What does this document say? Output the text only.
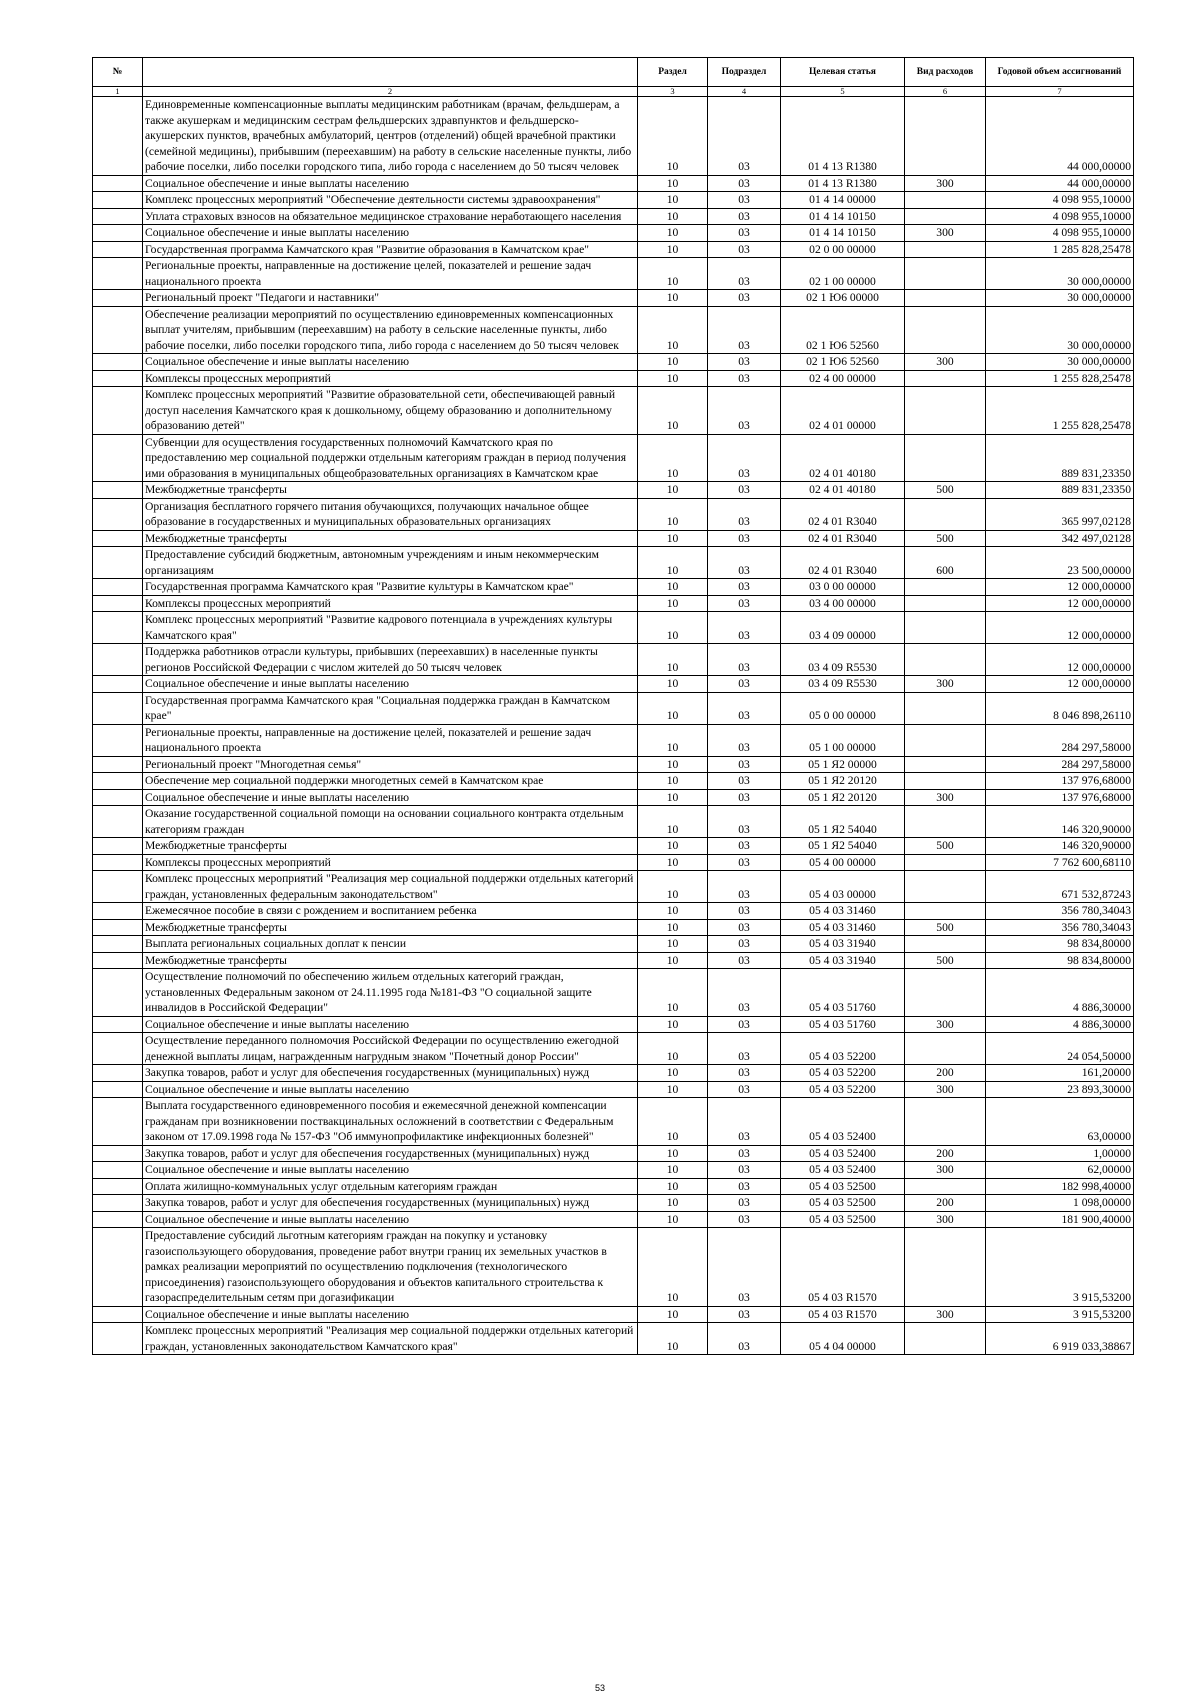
№		Раздел	Подраздел	Целевая статья	Вид расходов	Годовой объем ассигнований
1	2	3	4	5	6	7
	Единовременные компенсационные выплаты медицинским работникам (врачам, фельдшерам, а также акушеркам и медицинским сестрам фельдшерских здравпунктов и фельдшерско-акушерских пунктов, врачебных амбулаторий, центров (отделений) общей врачебной практики (семейной медицины), прибывшим (переехавшим) на работу в сельские населенные пункты, либо рабочие поселки, либо поселки городского типа, либо города с населением до 50 тысяч человек	10	03	01 4 13 R1380		44 000,00000
	Социальное обеспечение и иные выплаты населению	10	03	01 4 13 R1380	300	44 000,00000
	Комплекс процессных мероприятий "Обеспечение деятельности системы здравоохранения"	10	03	01 4 14 00000		4 098 955,10000
	Уплата страховых взносов на обязательное медицинское страхование неработающего населения	10	03	01 4 14 10150		4 098 955,10000
	Социальное обеспечение и иные выплаты населению	10	03	01 4 14 10150	300	4 098 955,10000
	Государственная программа Камчатского края "Развитие образования в Камчатском крае"	10	03	02 0 00 00000		1 285 828,25478
	Региональные проекты, направленные на достижение целей, показателей и решение задач национального проекта	10	03	02 1 00 00000		30 000,00000
	Региональный проект "Педагоги и наставники"	10	03	02 1 Ю6 00000		30 000,00000
	Обеспечение реализации мероприятий по осуществлению единовременных компенсационных выплат учителям, прибывшим (переехавшим) на работу в сельские населенные пункты, либо рабочие поселки, либо поселки городского типа, либо города с населением до 50 тысяч человек	10	03	02 1 Ю6 52560		30 000,00000
	Социальное обеспечение и иные выплаты населению	10	03	02 1 Ю6 52560	300	30 000,00000
	Комплексы процессных мероприятий	10	03	02 4 00 00000		1 255 828,25478
	Комплекс процессных мероприятий "Развитие образовательной сети, обеспечивающей равный доступ населения Камчатского края к дошкольному, общему образованию и дополнительному образованию детей"	10	03	02 4 01 00000		1 255 828,25478
	Субвенции для осуществления государственных полномочий Камчатского края по предоставлению мер социальной поддержки отдельным категориям граждан в период получения ими образования в муниципальных общеобразовательных организациях в Камчатском крае	10	03	02 4 01 40180		889 831,23350
	Межбюджетные трансферты	10	03	02 4 01 40180	500	889 831,23350
	Организация бесплатного горячего питания обучающихся, получающих начальное общее образование в государственных и муниципальных образовательных организациях	10	03	02 4 01 R3040		365 997,02128
	Межбюджетные трансферты	10	03	02 4 01 R3040	500	342 497,02128
	Предоставление субсидий бюджетным, автономным учреждениям и иным некоммерческим организациям	10	03	02 4 01 R3040	600	23 500,00000
	Государственная программа Камчатского края "Развитие культуры в Камчатском крае"	10	03	03 0 00 00000		12 000,00000
	Комплексы процессных мероприятий	10	03	03 4 00 00000		12 000,00000
	Комплекс процессных мероприятий "Развитие кадрового потенциала в учреждениях культуры Камчатского края"	10	03	03 4 09 00000		12 000,00000
	Поддержка работников отрасли культуры, прибывших (переехавших) в населенные пункты регионов Российской Федерации с числом жителей до 50 тысяч человек	10	03	03 4 09 R5530		12 000,00000
	Социальное обеспечение и иные выплаты населению	10	03	03 4 09 R5530	300	12 000,00000
	Государственная программа Камчатского края "Социальная поддержка граждан в Камчатском крае"	10	03	05 0 00 00000		8 046 898,26110
	Региональные проекты, направленные на достижение целей, показателей и решение задач национального проекта	10	03	05 1 00 00000		284 297,58000
	Региональный проект "Многодетная семья"	10	03	05 1 Я2 00000		284 297,58000
	Обеспечение мер социальной поддержки многодетных семей в Камчатском крае	10	03	05 1 Я2 20120		137 976,68000
	Социальное обеспечение и иные выплаты населению	10	03	05 1 Я2 20120	300	137 976,68000
	Оказание государственной социальной помощи на основании социального контракта отдельным категориям граждан	10	03	05 1 Я2 54040		146 320,90000
	Межбюджетные трансферты	10	03	05 1 Я2 54040	500	146 320,90000
	Комплексы процессных мероприятий	10	03	05 4 00 00000		7 762 600,68110
	Комплекс процессных мероприятий "Реализация мер социальной поддержки отдельных категорий граждан, установленных федеральным законодательством"	10	03	05 4 03 00000		671 532,87243
	Ежемесячное пособие в связи с рождением и воспитанием ребенка	10	03	05 4 03 31460		356 780,34043
	Межбюджетные трансферты	10	03	05 4 03 31460	500	356 780,34043
	Выплата региональных социальных доплат к пенсии	10	03	05 4 03 31940		98 834,80000
	Межбюджетные трансферты	10	03	05 4 03 31940	500	98 834,80000
	Осуществление полномочий по обеспечению жильем отдельных категорий граждан, установленных Федеральным законом от 24.11.1995 года №181-ФЗ "О социальной защите инвалидов в Российской Федерации"	10	03	05 4 03 51760		4 886,30000
	Социальное обеспечение и иные выплаты населению	10	03	05 4 03 51760	300	4 886,30000
	Осуществление переданного полномочия Российской Федерации по осуществлению ежегодной денежной выплаты лицам, награжденным нагрудным знаком "Почетный донор России"	10	03	05 4 03 52200		24 054,50000
	Закупка товаров, работ и услуг для обеспечения государственных (муниципальных) нужд	10	03	05 4 03 52200	200	161,20000
	Социальное обеспечение и иные выплаты населению	10	03	05 4 03 52200	300	23 893,30000
	Выплата государственного единовременного пособия и ежемесячной денежной компенсации гражданам при возникновении поствакцинальных осложнений в соответствии с Федеральным законом от 17.09.1998 года № 157-ФЗ "Об иммунопрофилактике инфекционных болезней"	10	03	05 4 03 52400		63,00000
	Закупка товаров, работ и услуг для обеспечения государственных (муниципальных) нужд	10	03	05 4 03 52400	200	1,00000
	Социальное обеспечение и иные выплаты населению	10	03	05 4 03 52400	300	62,00000
	Оплата жилищно-коммунальных услуг отдельным категориям граждан	10	03	05 4 03 52500		182 998,40000
	Закупка товаров, работ и услуг для обеспечения государственных (муниципальных) нужд	10	03	05 4 03 52500	200	1 098,00000
	Социальное обеспечение и иные выплаты населению	10	03	05 4 03 52500	300	181 900,40000
	Предоставление субсидий льготным категориям граждан на покупку и установку газоиспользующего оборудования, проведение работ внутри границ их земельных участков в рамках реализации мероприятий по осуществлению подключения (технологического присоединения) газоиспользующего оборудования и объектов капитального строительства к газораспределительным сетям при догазификации	10	03	05 4 03 R1570		3 915,53200
	Социальное обеспечение и иные выплаты населению	10	03	05 4 03 R1570	300	3 915,53200
	Комплекс процессных мероприятий "Реализация мер социальной поддержки отдельных категорий граждан, установленных законодательством Камчатского края"	10	03	05 4 04 00000		6 919 033,38867
53
